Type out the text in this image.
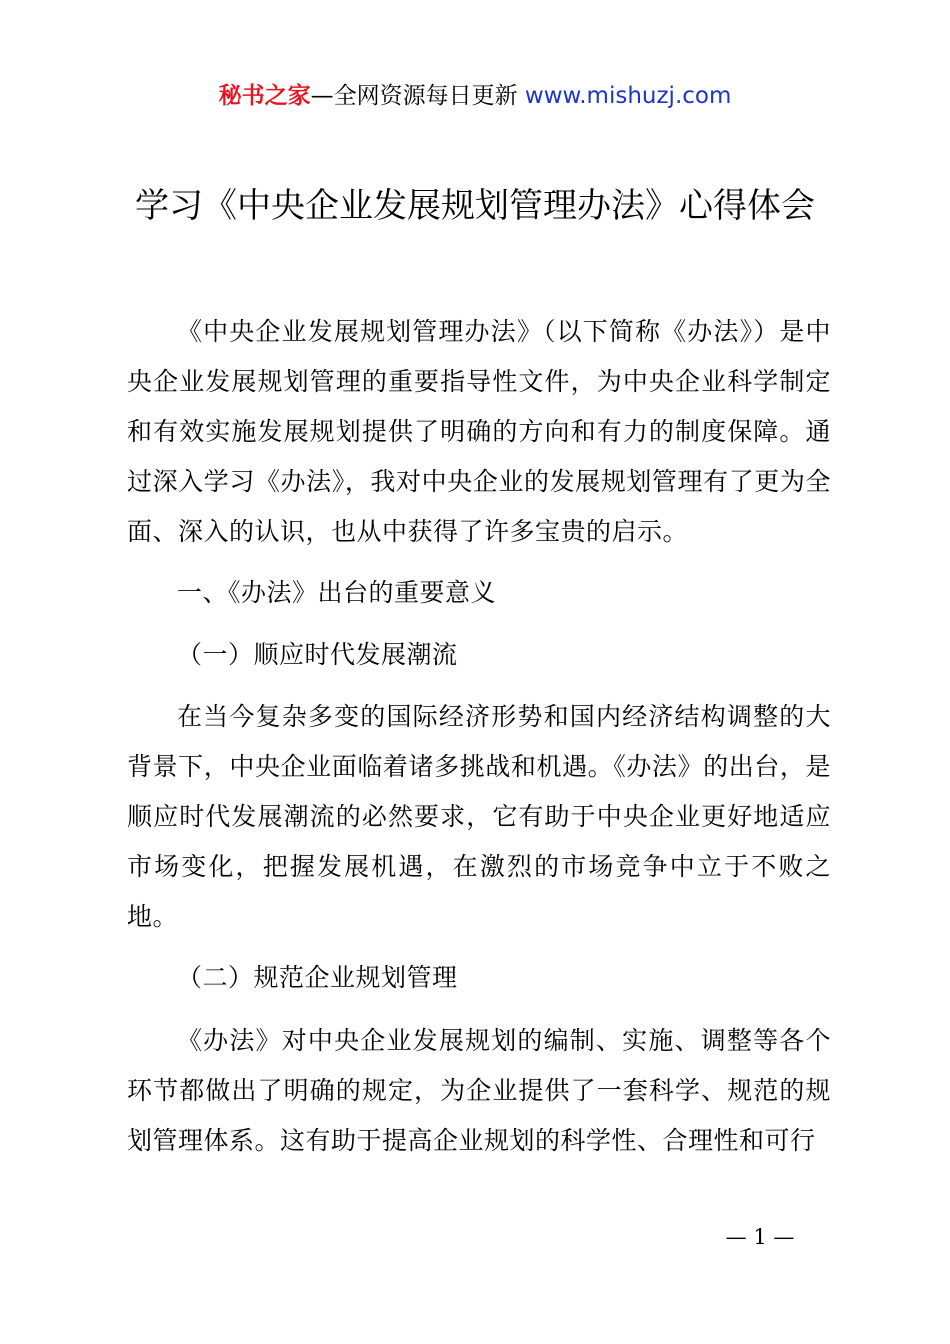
秘书之家—全网资源每日更新 www.mishuzj.com
学习《中央企业发展规划管理办法》心得体会

《中央企业发展规划管理办法》（以下简称《办法》）是中央企业发展规划管理的重要指导性文件，为中央企业科学制定和有效实施发展规划提供了明确的方向和有力的制度保障。通过深入学习《办法》，我对中央企业的发展规划管理有了更为全面、深入的认识，也从中获得了许多宝贵的启示。

一、《办法》出台的重要意义

（一）顺应时代发展潮流

在当今复杂多变的国际经济形势和国内经济结构调整的大背景下，中央企业面临着诸多挑战和机遇。《办法》的出台，是顺应时代发展潮流的必然要求，它有助于中央企业更好地适应市场变化，把握发展机遇，在激烈的市场竞争中立于不败之地。

（二）规范企业规划管理

《办法》对中央企业发展规划的编制、实施、调整等各个环节都做出了明确的规定，为企业提供了一套科学、规范的规划管理体系。这有助于提高企业规划的科学性、合理性和可行

— 1 —
